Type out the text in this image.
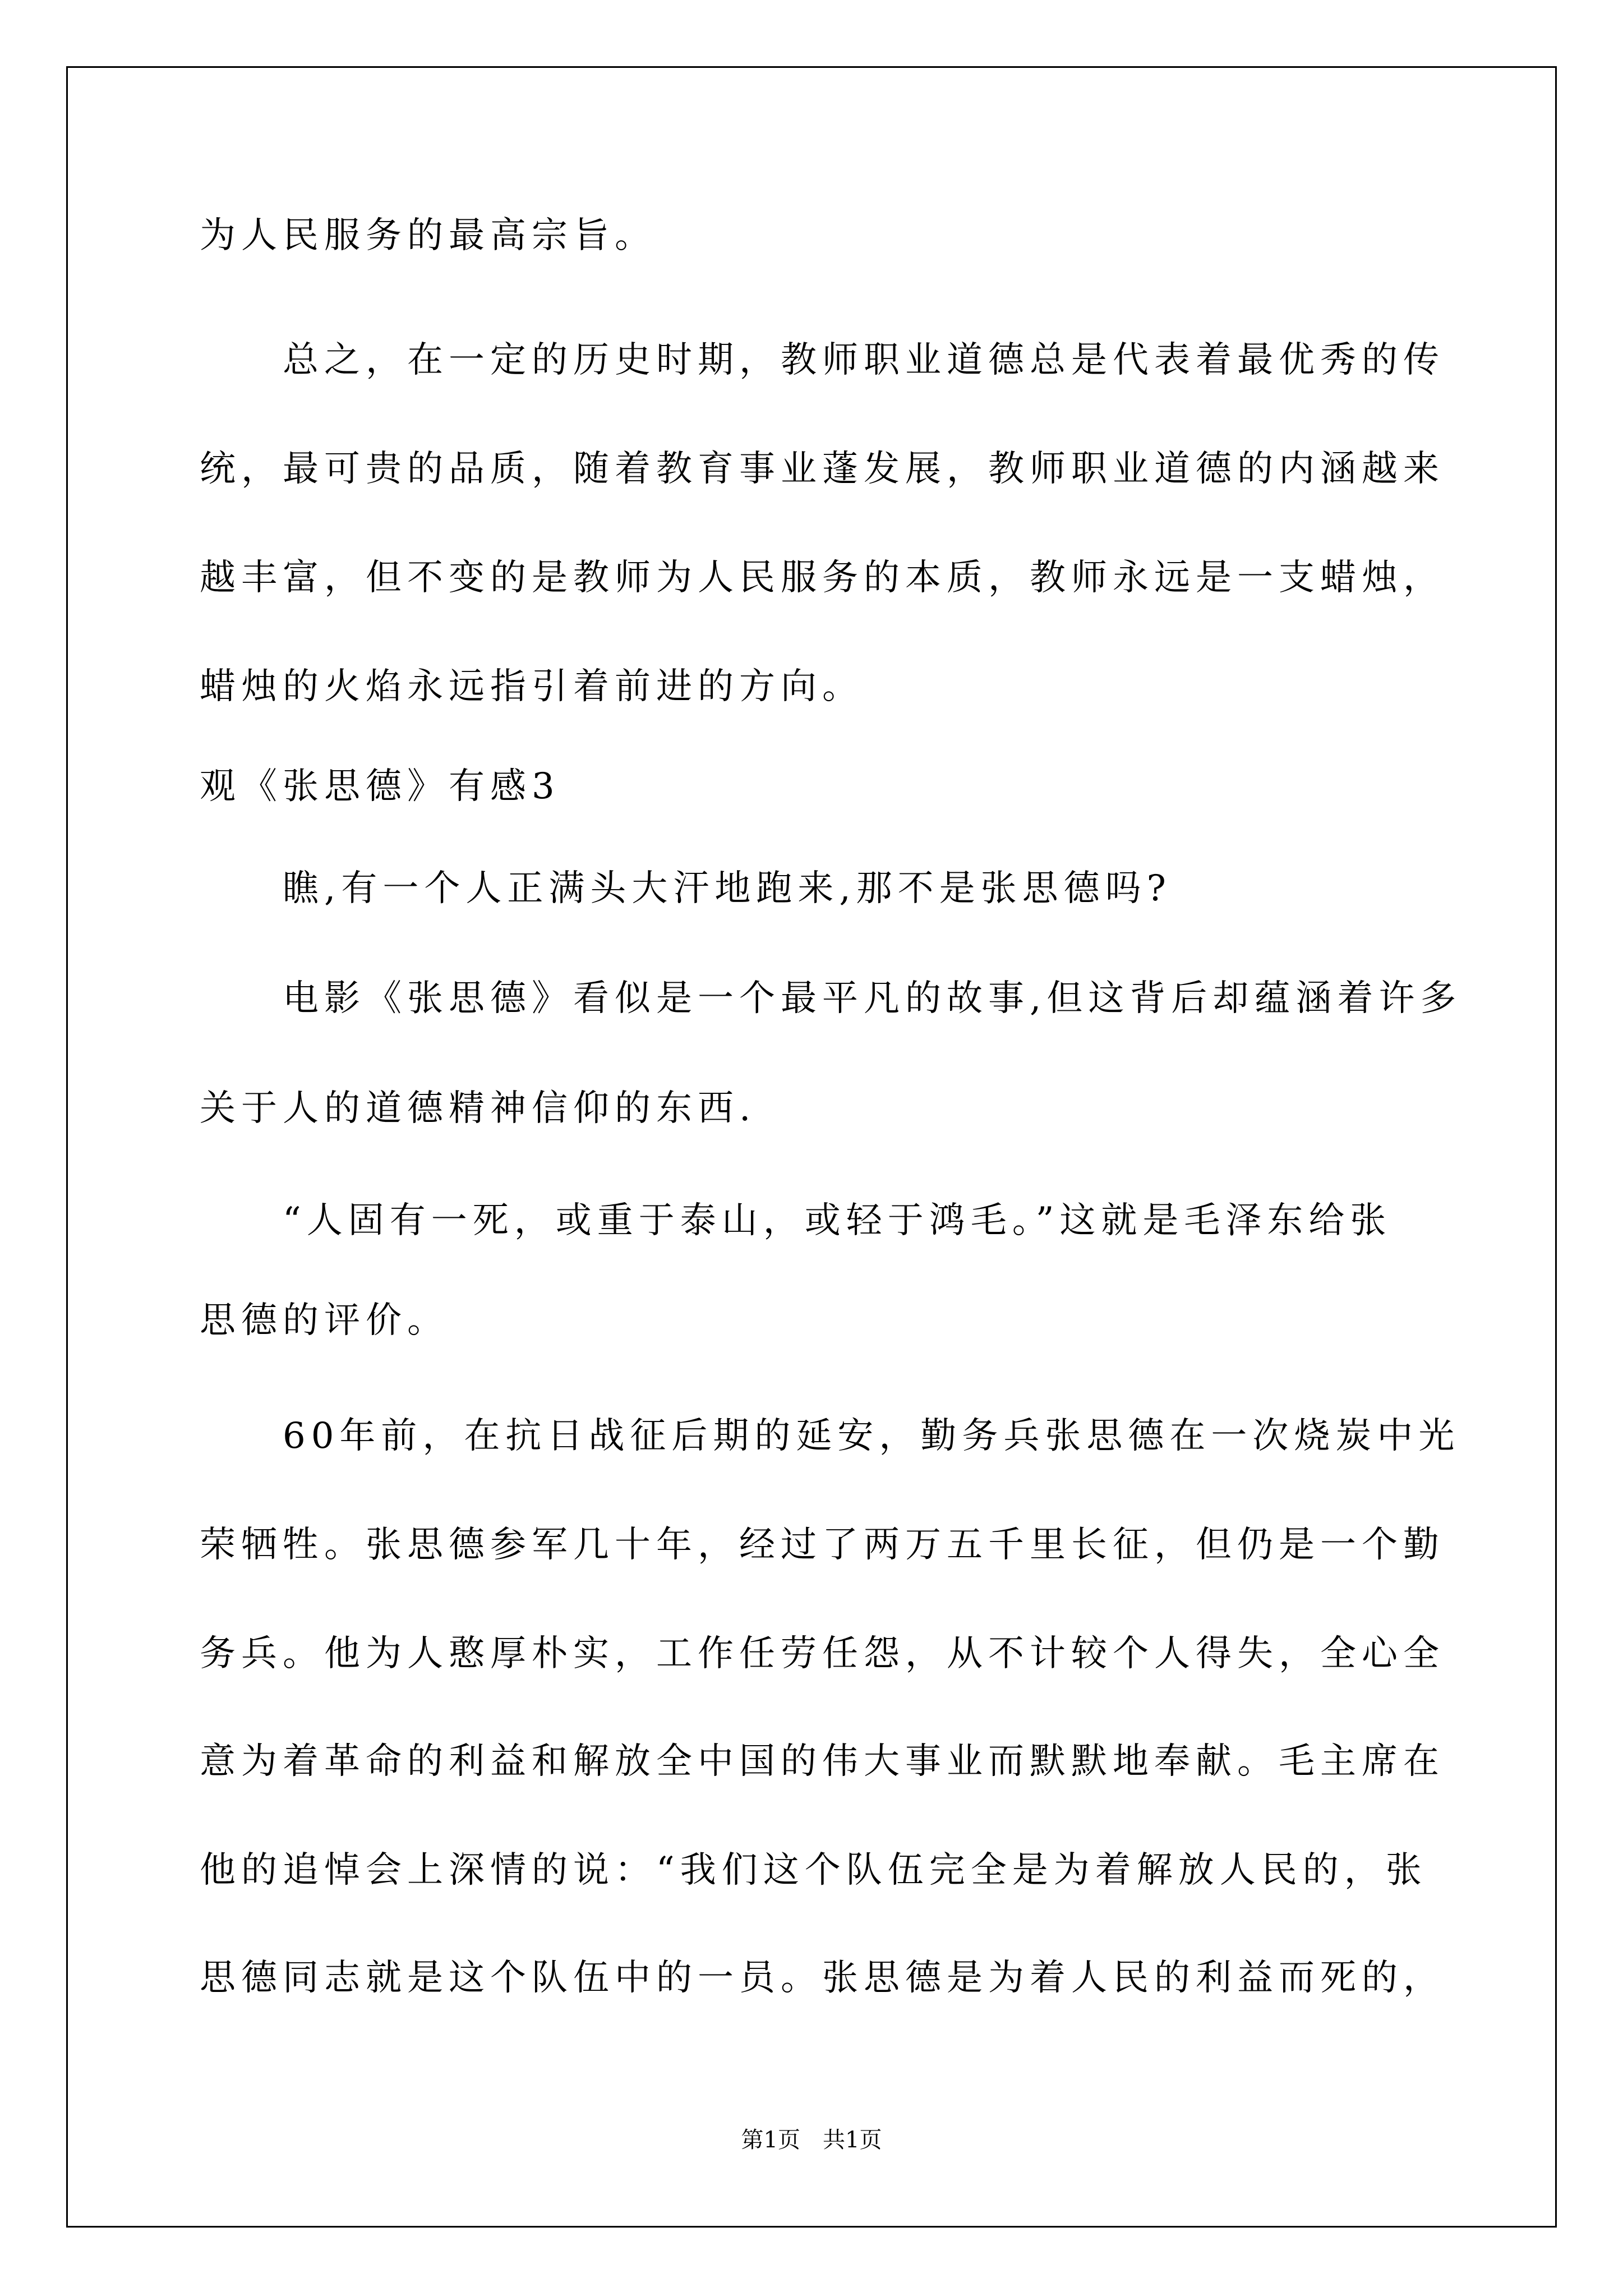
为人民服务的最高宗旨。
　　总之，在一定的历史时期，教师职业道德总是代表着最优秀的传
统，最可贵的品质，随着教育事业蓬发展，教师职业道德的内涵越来
越丰富，但不变的是教师为人民服务的本质，教师永远是一支蜡烛，
蜡烛的火焰永远指引着前进的方向。
观《张思德》有感3
　　瞧,有一个人正满头大汗地跑来,那不是张思德吗?
　　电影《张思德》看似是一个最平凡的故事,但这背后却蕴涵着许多
关于人的道德精神信仰的东西.
　　“人固有一死，或重于泰山，或轻于鸿毛。”这就是毛泽东给张
思德的评价。
　　60年前，在抗日战征后期的延安，勤务兵张思德在一次烧炭中光
荣牺牲。张思德参军几十年，经过了两万五千里长征，但仍是一个勤
务兵。他为人憨厚朴实，工作任劳任怨，从不计较个人得失，全心全
意为着革命的利益和解放全中国的伟大事业而默默地奉献。毛主席在
他的追悼会上深情的说：“我们这个队伍完全是为着解放人民的，张
思德同志就是这个队伍中的一员。张思德是为着人民的利益而死的，
第1页　共1页
